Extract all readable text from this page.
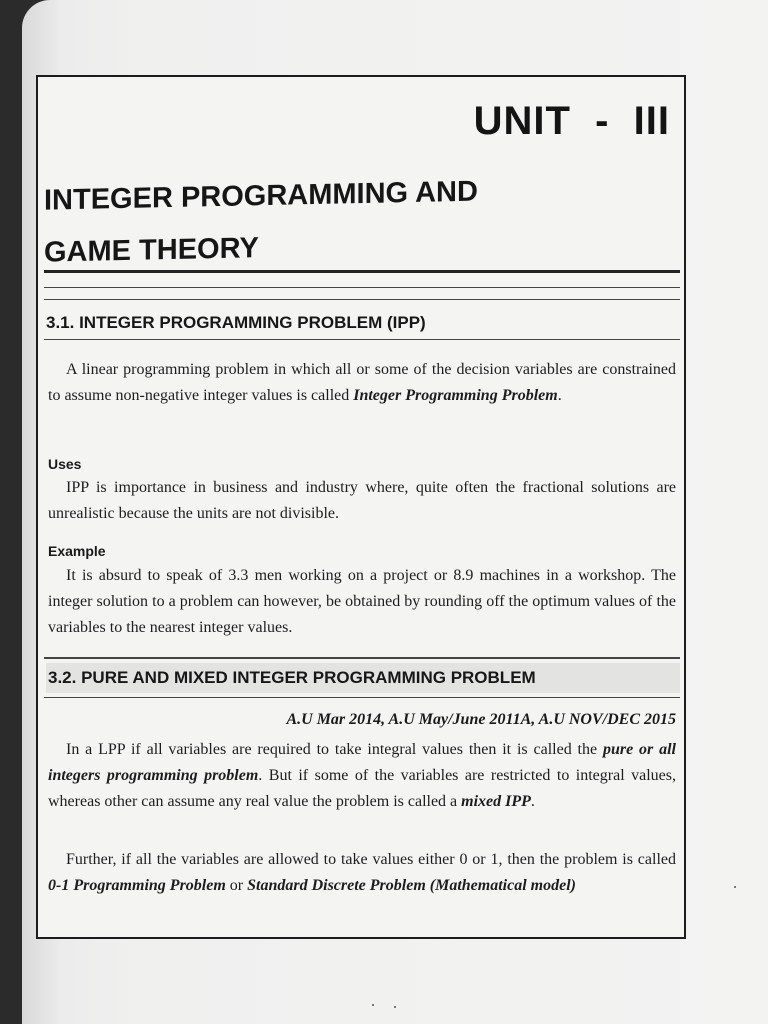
UNIT  -  III
INTEGER PROGRAMMING AND
GAME THEORY
3.1. INTEGER PROGRAMMING PROBLEM (IPP)
A linear programming problem in which all or some of the decision variables are constrained to assume non-negative integer values is called Integer Programming Problem.
Uses
IPP is importance in business and industry where, quite often the fractional solutions are unrealistic because the units are not divisible.
Example
It is absurd to speak of 3.3 men working on a project or 8.9 machines in a workshop. The integer solution to a problem can however, be obtained by rounding off the optimum values of the variables to the nearest integer values.
3.2. PURE AND MIXED INTEGER PROGRAMMING PROBLEM
A.U Mar 2014, A.U May/June 2011A, A.U NOV/DEC 2015
In a LPP if all variables are required to take integral values then it is called the pure or all integers programming problem. But if some of the variables are restricted to integral values, whereas other can assume any real value the problem is called a mixed IPP.
Further, if all the variables are allowed to take values either 0 or 1, then the problem is called 0-1 Programming Problem or Standard Discrete Problem (Mathematical model)
